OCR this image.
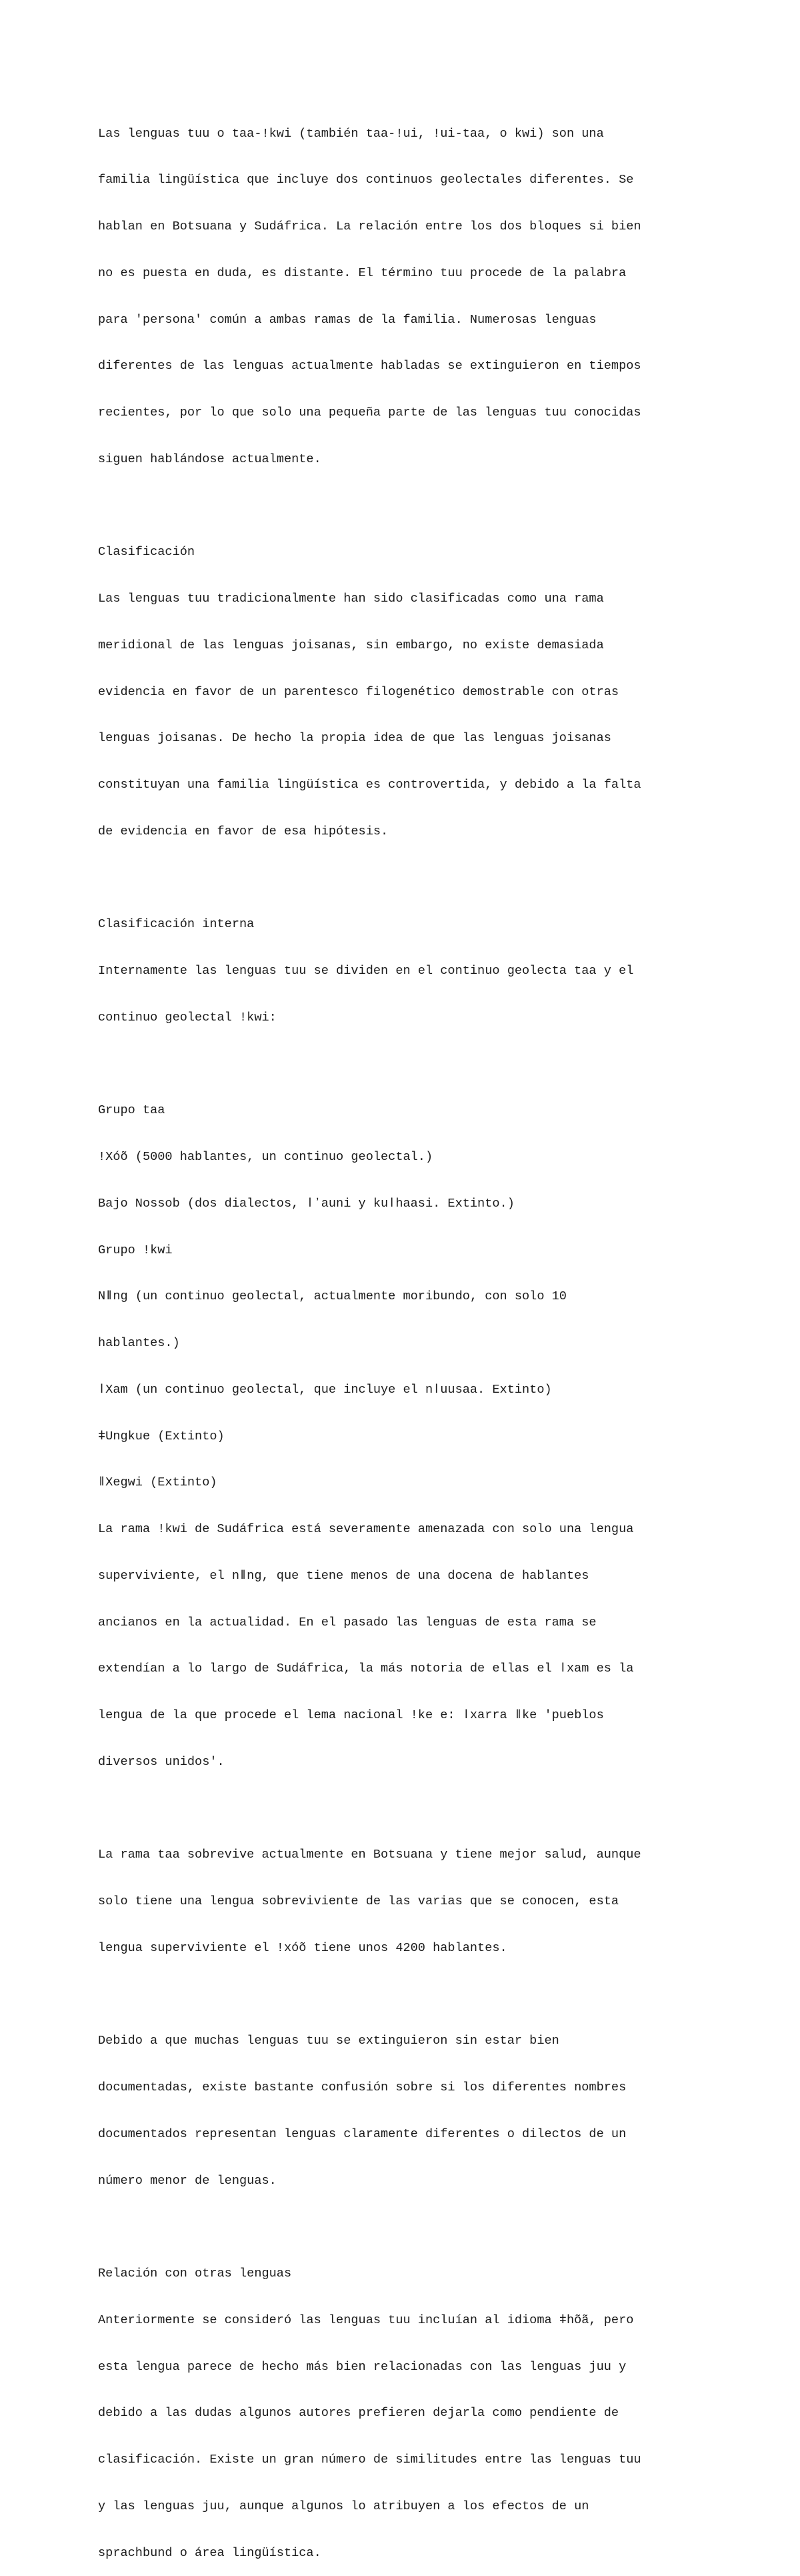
Las lenguas tuu o taa-ǃkwi (también taa-ǃui, ǃui-taa, o kwi) son una

familia lingüística que incluye dos continuos geolectales diferentes. Se

hablan en Botsuana y Sudáfrica. La relación entre los dos bloques si bien

no es puesta en duda, es distante. El término tuu procede de la palabra

para 'persona' común a ambas ramas de la familia. Numerosas lenguas

diferentes de las lenguas actualmente habladas se extinguieron en tiempos

recientes, por lo que solo una pequeña parte de las lenguas tuu conocidas

siguen hablándose actualmente.

Clasificación

Las lenguas tuu tradicionalmente han sido clasificadas como una rama

meridional de las lenguas joisanas, sin embargo, no existe demasiada

evidencia en favor de un parentesco filogenético demostrable con otras

lenguas joisanas. De hecho la propia idea de que las lenguas joisanas

constituyan una familia lingüística es controvertida, y debido a la falta

de evidencia en favor de esa hipótesis.

Clasificación interna

Internamente las lenguas tuu se dividen en el continuo geolecta taa y el

continuo geolectal ǃkwi:

Grupo taa

ǃXóõ (5000 hablantes, un continuo geolectal.)

Bajo Nossob (dos dialectos, ǀʼauni y kuǀhaasi. Extinto.)

Grupo ǃkwi

Nǁng (un continuo geolectal, actualmente moribundo, con solo 10

hablantes.)

ǀXam (un continuo geolectal, que incluye el nǀuusaa. Extinto)

ǂUngkue (Extinto)

ǁXegwi (Extinto)

La rama ǃkwi de Sudáfrica está severamente amenazada con solo una lengua

superviviente, el nǁng, que tiene menos de una docena de hablantes

ancianos en la actualidad. En el pasado las lenguas de esta rama se

extendían a lo largo de Sudáfrica, la más notoria de ellas el ǀxam es la

lengua de la que procede el lema nacional ǃke e: ǀxarra ǁke 'pueblos

diversos unidos'.

La rama taa sobrevive actualmente en Botsuana y tiene mejor salud, aunque

solo tiene una lengua sobreviviente de las varias que se conocen, esta

lengua superviviente el ǃxóõ tiene unos 4200 hablantes.

Debido a que muchas lenguas tuu se extinguieron sin estar bien

documentadas, existe bastante confusión sobre si los diferentes nombres

documentados representan lenguas claramente diferentes o dilectos de un

número menor de lenguas.

Relación con otras lenguas

Anteriormente se consideró las lenguas tuu incluían al idioma ǂhõã, pero

esta lengua parece de hecho más bien relacionadas con las lenguas juu y

debido a las dudas algunos autores prefieren dejarla como pendiente de

clasificación. Existe un gran número de similitudes entre las lenguas tuu

y las lenguas juu, aunque algunos lo atribuyen a los efectos de un

sprachbund o área lingüística.
